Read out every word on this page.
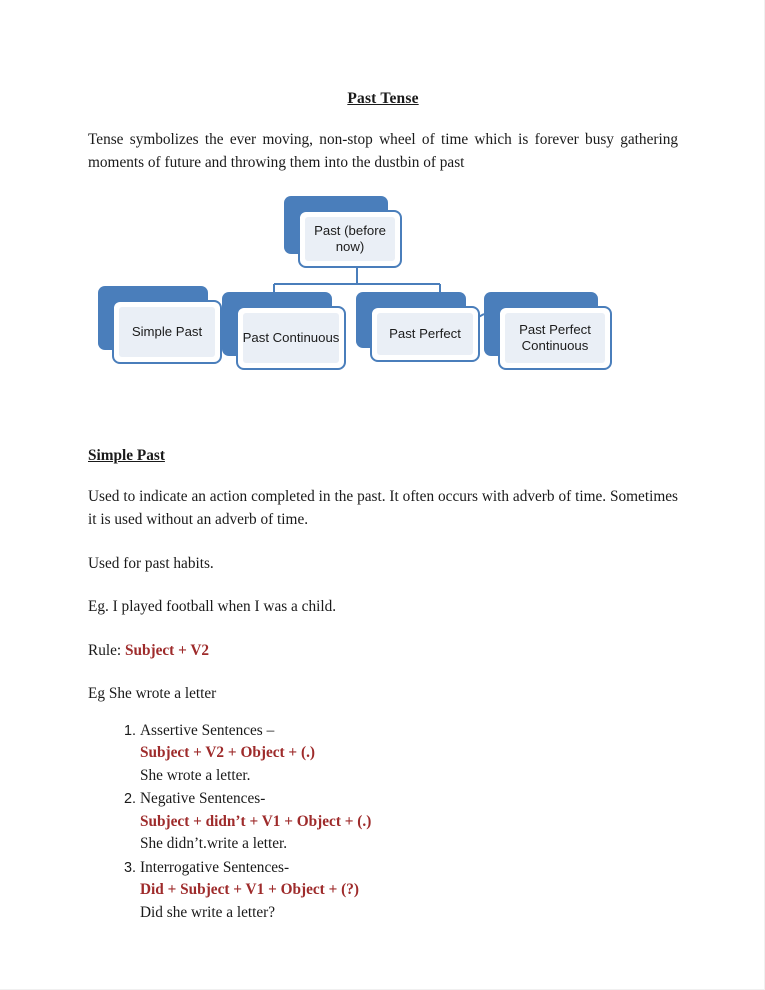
Past Tense
Tense symbolizes the ever moving, non-stop wheel of time which is forever busy gathering moments of future and throwing them into the dustbin of past
Past (before now)
Simple Past	Past Continuous	Past Perfect	Past Perfect Continuous
Simple Past
Used to indicate an action completed in the past. It often occurs with adverb of time. Sometimes it is used without an adverb of time.
Used for past habits.
Eg. I played football when I was a child.
Rule: Subject + V2
Eg She wrote a letter
1. Assertive Sentences –
Subject + V2 + Object + (.)
She wrote a letter.
2. Negative Sentences-
Subject + didn’t + V1 + Object + (.)
She didn’t.write a letter.
3. Interrogative Sentences-
Did + Subject + V1 + Object + (?)
Did she write a letter?
